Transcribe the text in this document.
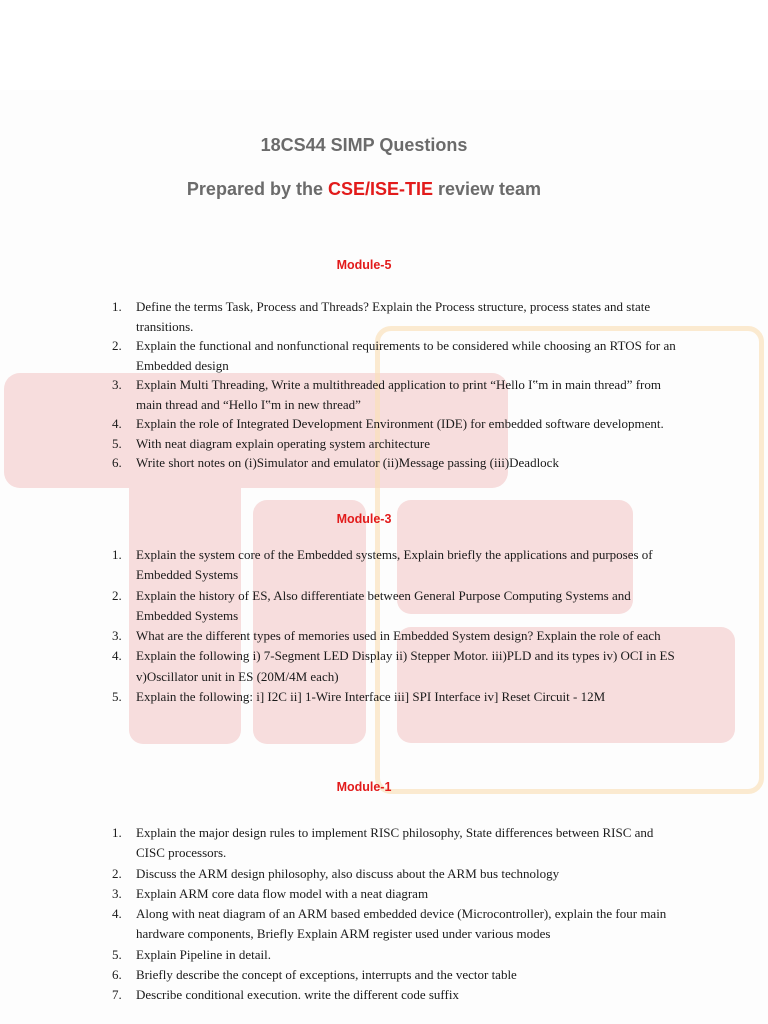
18CS44 SIMP Questions
Prepared by the CSE/ISE-TIE review team
Module-5
1.	Define the terms Task, Process and Threads? Explain the Process structure, process states and state transitions.
2.	Explain the functional and nonfunctional requirements to be considered while choosing an RTOS for an Embedded design
3.	Explain Multi Threading, Write a multithreaded application to print “Hello I‟m in main thread” from main thread and “Hello I‟m in new thread”
4.	Explain the role of Integrated Development Environment (IDE) for embedded software development.
5.	With neat diagram explain operating system architecture
6.	Write short notes on (i)Simulator and emulator (ii)Message passing (iii)Deadlock
Module-3
1.	Explain the system core of the Embedded systems, Explain briefly the applications and purposes of Embedded Systems
2.	Explain the history of ES, Also differentiate between General Purpose Computing Systems and Embedded Systems
3.	What are the different types of memories used in Embedded System design? Explain the role of each
4.	Explain the following i) 7-Segment LED Display ii) Stepper Motor. iii)PLD and its types iv) OCI in ES v)Oscillator unit in ES (20M/4M each)
5.	Explain the following: i] I2C ii] 1-Wire Interface iii] SPI Interface iv] Reset Circuit - 12M
Module-1
1.	Explain the major design rules to implement RISC philosophy, State differences between RISC and CISC processors.
2.	Discuss the ARM design philosophy, also discuss about the ARM bus technology
3.	Explain ARM core data flow model with a neat diagram
4.	Along with neat diagram of an ARM based embedded device (Microcontroller), explain the four main hardware components, Briefly Explain ARM register used under various modes
5.	Explain Pipeline in detail.
6.	Briefly describe the concept of exceptions, interrupts and the vector table
7.	Describe conditional execution. write the different code suffix
